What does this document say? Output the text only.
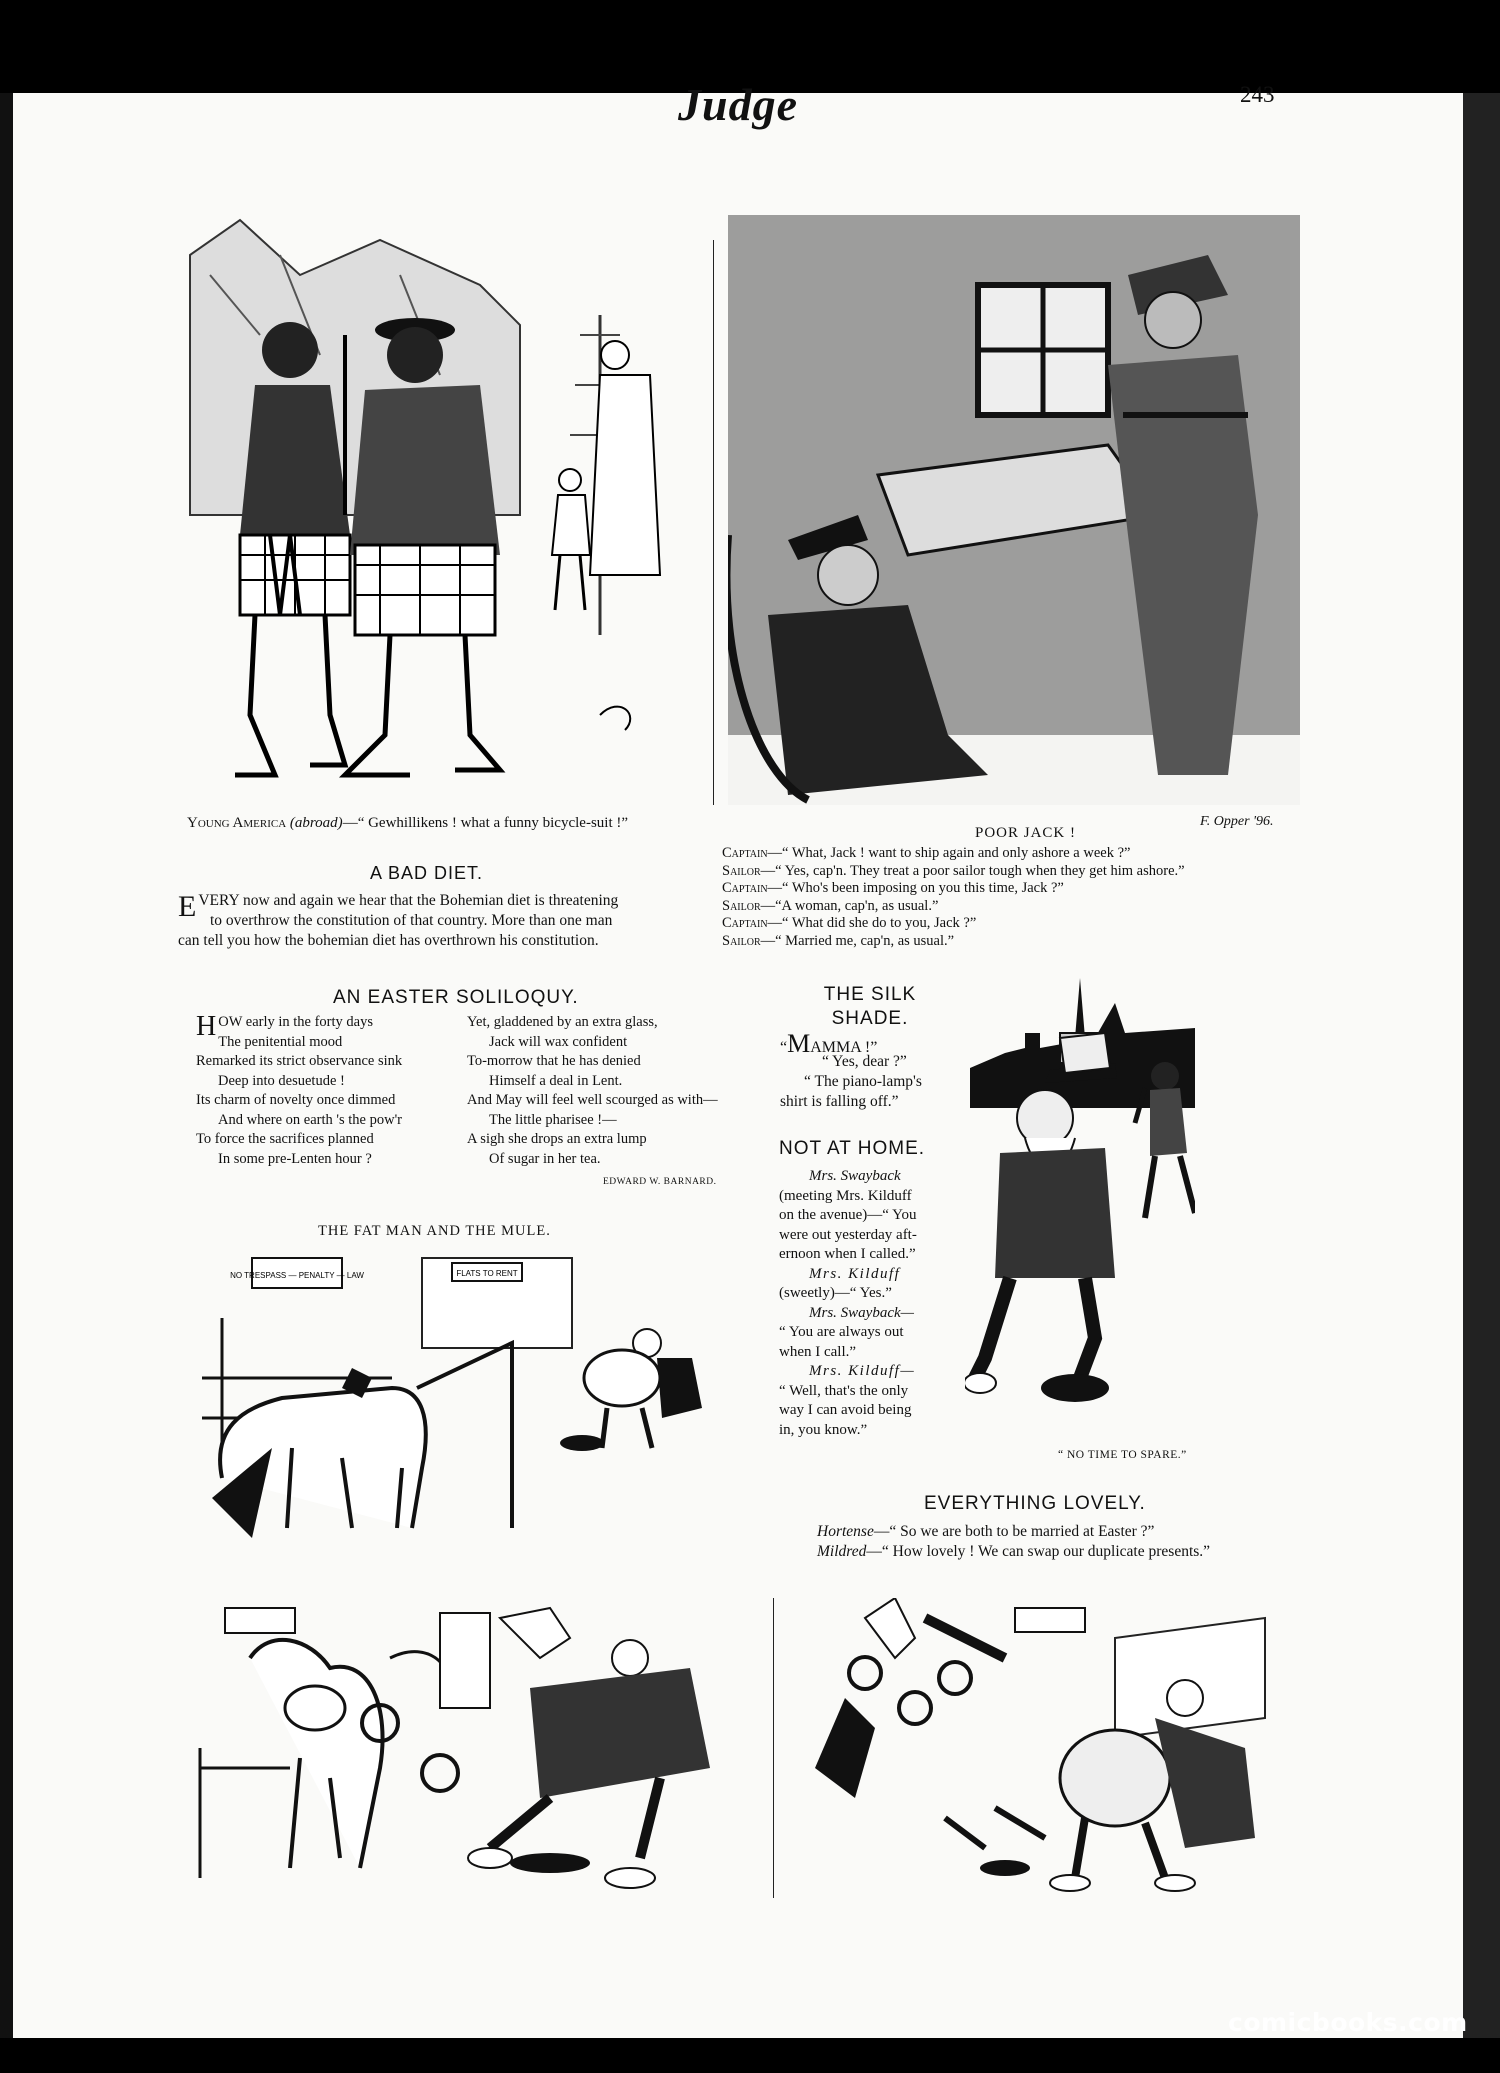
Judge	243
F. Opper '96.
Young America (abroad)—“ Gewhillikens ! what a funny bicycle-suit !”
POOR JACK !

Captain—“ What, Jack ! want to ship again and only ashore a week ?”

Sailor—“ Yes, cap'n. They treat a poor sailor tough when they get him ashore.”

Captain—“ Who's been imposing on you this time, Jack ?”

Sailor—“A woman, cap'n, as usual.”

Captain—“ What did she do to you, Jack ?”

Sailor—“ Married me, cap'n, as usual.”

A BAD DIET.
EVERY now and again we hear that the Bohemian diet is threatening
to overthrow the constitution of that country. More than one man
can tell you how the bohemian diet has overthrown his constitution.
AN EASTER SOLILOQUY.
HOW early in the forty days
The penitential mood
Remarked its strict observance sink
Deep into desuetude !
Its charm of novelty once dimmed
And where on earth 's the pow'r
To force the sacrifices planned
In some pre-Lenten hour ?
Yet, gladdened by an extra glass,
Jack will wax confident
To-morrow that he has denied
Himself a deal in Lent.
And May will feel well scourged as with—
The little pharisee !—
A sigh she drops an extra lump
Of sugar in her tea.
EDWARD W. BARNARD.
THE SILK
SHADE.
“MAMMA !”
“ Yes, dear ?”
“ The piano-lamp's
shirt is falling off.”
NOT AT HOME.
Mrs. Swayback
(meeting Mrs. Kilduff
on the avenue)—“ You
were out yesterday aft-
ernoon when I called.”
Mrs. Kilduff
(sweetly)—“ Yes.”
Mrs. Swayback—
“ You are always out
when I call.”
Mrs. Kilduff—
“ Well, that's the only
way I can avoid being
in, you know.”
“ NO TIME TO SPARE.”
THE FAT MAN AND THE MULE.
NO TRESPASS — PENALTY — LAW	FLATS TO RENT
EVERYTHING LOVELY.
Hortense—“ So we are both to be married at Easter ?”
Mildred—“ How lovely ! We can swap our duplicate presents.”
comicbooks.com
